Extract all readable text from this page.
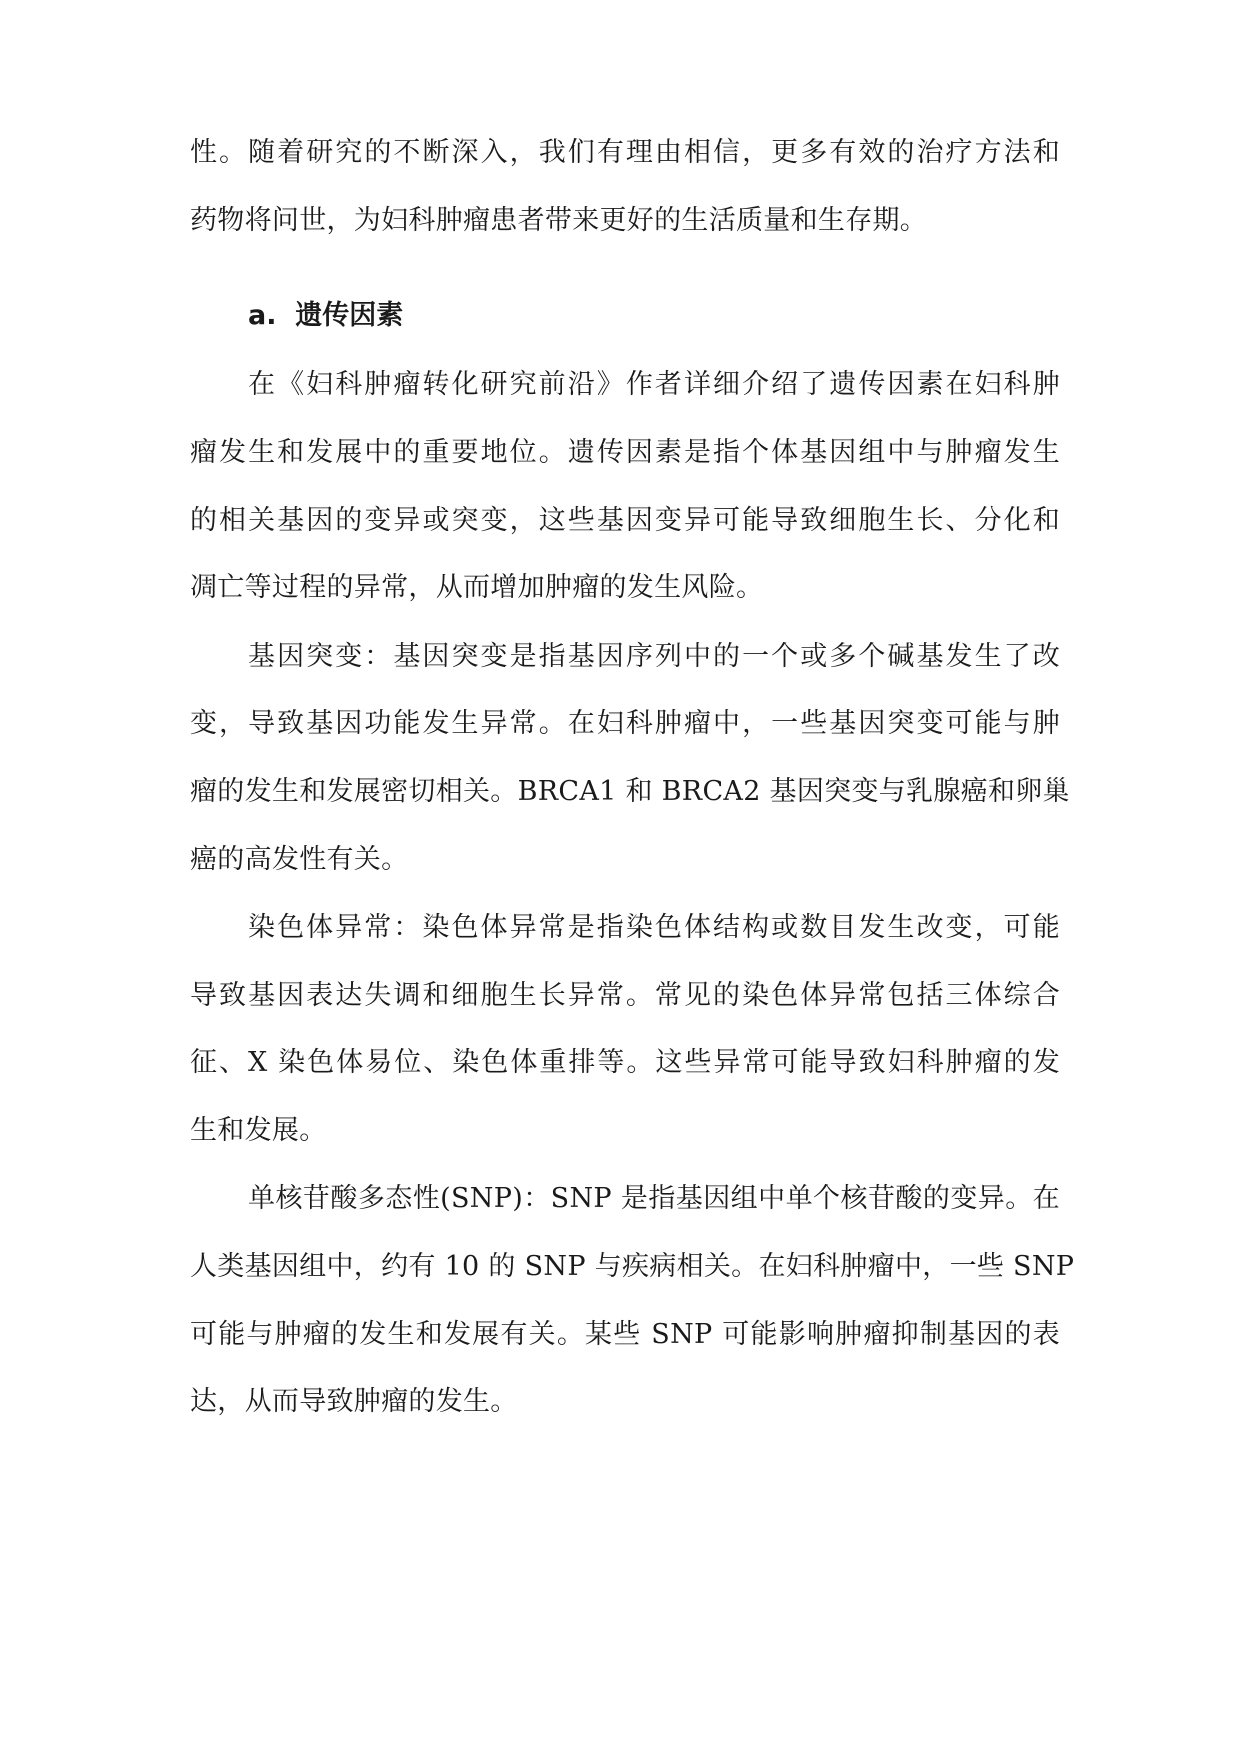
性。随着研究的不断深入，我们有理由相信，更多有效的治疗方法和
药物将问世，为妇科肿瘤患者带来更好的生活质量和生存期。
a. 遗传因素
在《妇科肿瘤转化研究前沿》作者详细介绍了遗传因素在妇科肿
瘤发生和发展中的重要地位。遗传因素是指个体基因组中与肿瘤发生
的相关基因的变异或突变，这些基因变异可能导致细胞生长、分化和
凋亡等过程的异常，从而增加肿瘤的发生风险。
基因突变：基因突变是指基因序列中的一个或多个碱基发生了改
变，导致基因功能发生异常。在妇科肿瘤中，一些基因突变可能与肿
瘤的发生和发展密切相关。BRCA1 和 BRCA2 基因突变与乳腺癌和卵巢
癌的高发性有关。
染色体异常：染色体异常是指染色体结构或数目发生改变，可能
导致基因表达失调和细胞生长异常。常见的染色体异常包括三体综合
征、X 染色体易位、染色体重排等。这些异常可能导致妇科肿瘤的发
生和发展。
单核苷酸多态性(SNP)：SNP 是指基因组中单个核苷酸的变异。在
人类基因组中，约有 10 的 SNP 与疾病相关。在妇科肿瘤中，一些 SNP
可能与肿瘤的发生和发展有关。某些 SNP 可能影响肿瘤抑制基因的表
达，从而导致肿瘤的发生。
